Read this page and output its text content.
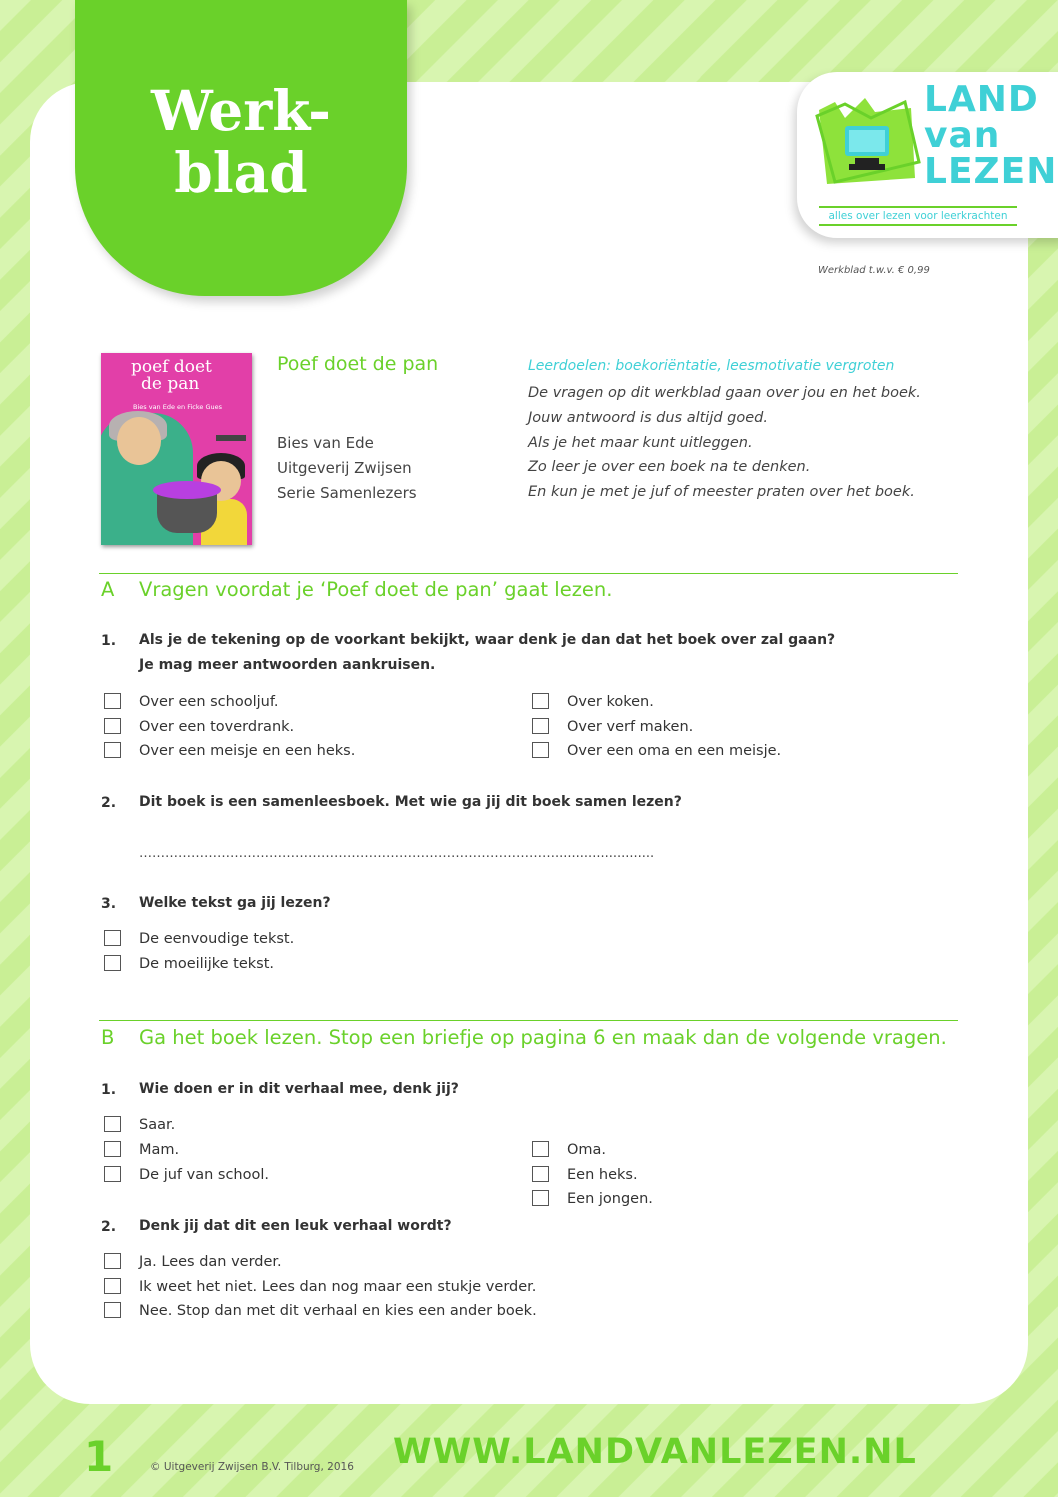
Werk-
blad
LAND
van
LEZEN
alles over lezen voor leerkrachten
Werkblad t.w.v. € 0,99
poef doet
de pan
Bies van Ede en Ficke Gues
Poef doet de pan
Bies van Ede
Uitgeverij Zwijsen
Serie Samenlezers
Leerdoelen: boekoriëntatie, leesmotivatie vergroten
De vragen op dit werkblad gaan over jou en het boek.
Jouw antwoord is dus altijd goed.
Als je het maar kunt uitleggen.
Zo leer je over een boek na te denken.
En kun je met je juf of meester praten over het boek.
A Vragen voordat je ‘Poef doet de pan’ gaat lezen.
1. Als je de tekening op de voorkant bekijkt, waar denk je dan dat het boek over zal gaan?
Je mag meer antwoorden aankruisen.
Over een schooljuf.
Over een toverdrank.
Over een meisje en een heks.
Over koken.
Over verf maken.
Over een oma en een meisje.
2. Dit boek is een samenleesboek. Met wie ga jij dit boek samen lezen?
……………………………………………………………………………………........................
3. Welke tekst ga jij lezen?
De eenvoudige tekst.
De moeilijke tekst.
B Ga het boek lezen. Stop een briefje op pagina 6 en maak dan de volgende vragen.
1. Wie doen er in dit verhaal mee, denk jij?
Saar.
Mam.
De juf van school.
Oma.
Een heks.
Een jongen.
2. Denk jij dat dit een leuk verhaal wordt?
Ja. Lees dan verder.
Ik weet het niet. Lees dan nog maar een stukje verder.
Nee. Stop dan met dit verhaal en kies een ander boek.
1	© Uitgeverij Zwijsen B.V. Tilburg, 2016 WWW.LANDVANLEZEN.NL
